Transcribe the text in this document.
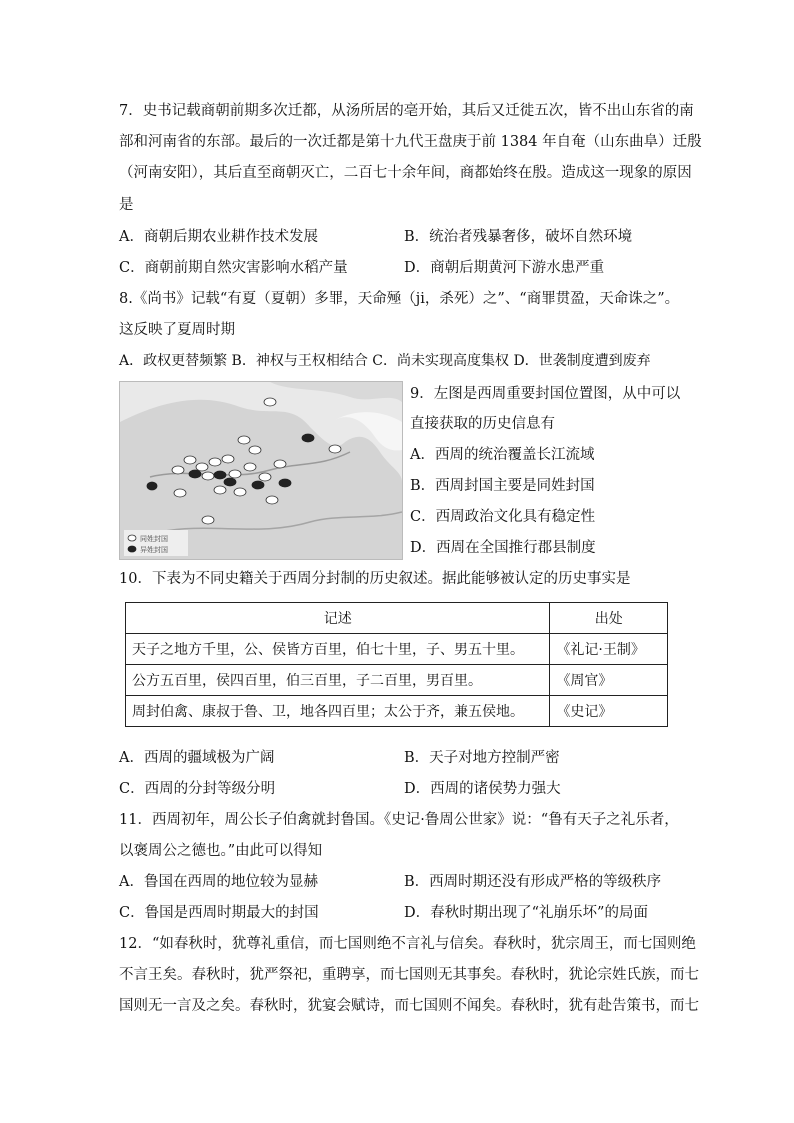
7．史书记载商朝前期多次迁都，从汤所居的亳开始，其后又迁徙五次，皆不出山东省的南
部和河南省的东部。最后的一次迁都是第十九代王盘庚于前 1384 年自奄（山东曲阜）迁殷
（河南安阳），其后直至商朝灭亡，二百七十余年间，商都始终在殷。造成这一现象的原因
是
A．商朝后期农业耕作技术发展	B．统治者残暴奢侈，破坏自然环境
C．商朝前期自然灾害影响水稻产量	D．商朝后期黄河下游水患严重
8.《尚书》记载“有夏（夏朝）多罪，天命殛（ji，杀死）之”、“商罪贯盈，天命诛之”。
这反映了夏周时期
A．政权更替频繁 B．神权与王权相结合 C．尚未实现高度集权 D．世袭制度遭到废弃
同姓封国
异姓封国
9．左图是西周重要封国位置图，从中可以
直接获取的历史信息有
A．西周的统治覆盖长江流域
B．西周封国主要是同姓封国
C．西周政治文化具有稳定性
D．西周在全国推行郡县制度
10．下表为不同史籍关于西周分封制的历史叙述。据此能够被认定的历史事实是
记述	出处
天子之地方千里，公、侯皆方百里，伯七十里，子、男五十里。	《礼记·王制》
公方五百里，侯四百里，伯三百里，子二百里，男百里。	《周官》
周封伯禽、康叔于鲁、卫，地各四百里；太公于齐，兼五侯地。	《史记》
A．西周的疆域极为广阔	B．天子对地方控制严密
C．西周的分封等级分明	D．西周的诸侯势力强大
11．西周初年，周公长子伯禽就封鲁国。《史记·鲁周公世家》说：“鲁有天子之礼乐者，
以褒周公之德也。”由此可以得知
A．鲁国在西周的地位较为显赫	B．西周时期还没有形成严格的等级秩序
C．鲁国是西周时期最大的封国	D．春秋时期出现了“礼崩乐坏”的局面
12．“如春秋时，犹尊礼重信，而七国则绝不言礼与信矣。春秋时，犹宗周王，而七国则绝
不言王矣。春秋时，犹严祭祀，重聘享，而七国则无其事矣。春秋时，犹论宗姓氏族，而七
国则无一言及之矣。春秋时，犹宴会赋诗，而七国则不闻矣。春秋时，犹有赴告策书，而七
